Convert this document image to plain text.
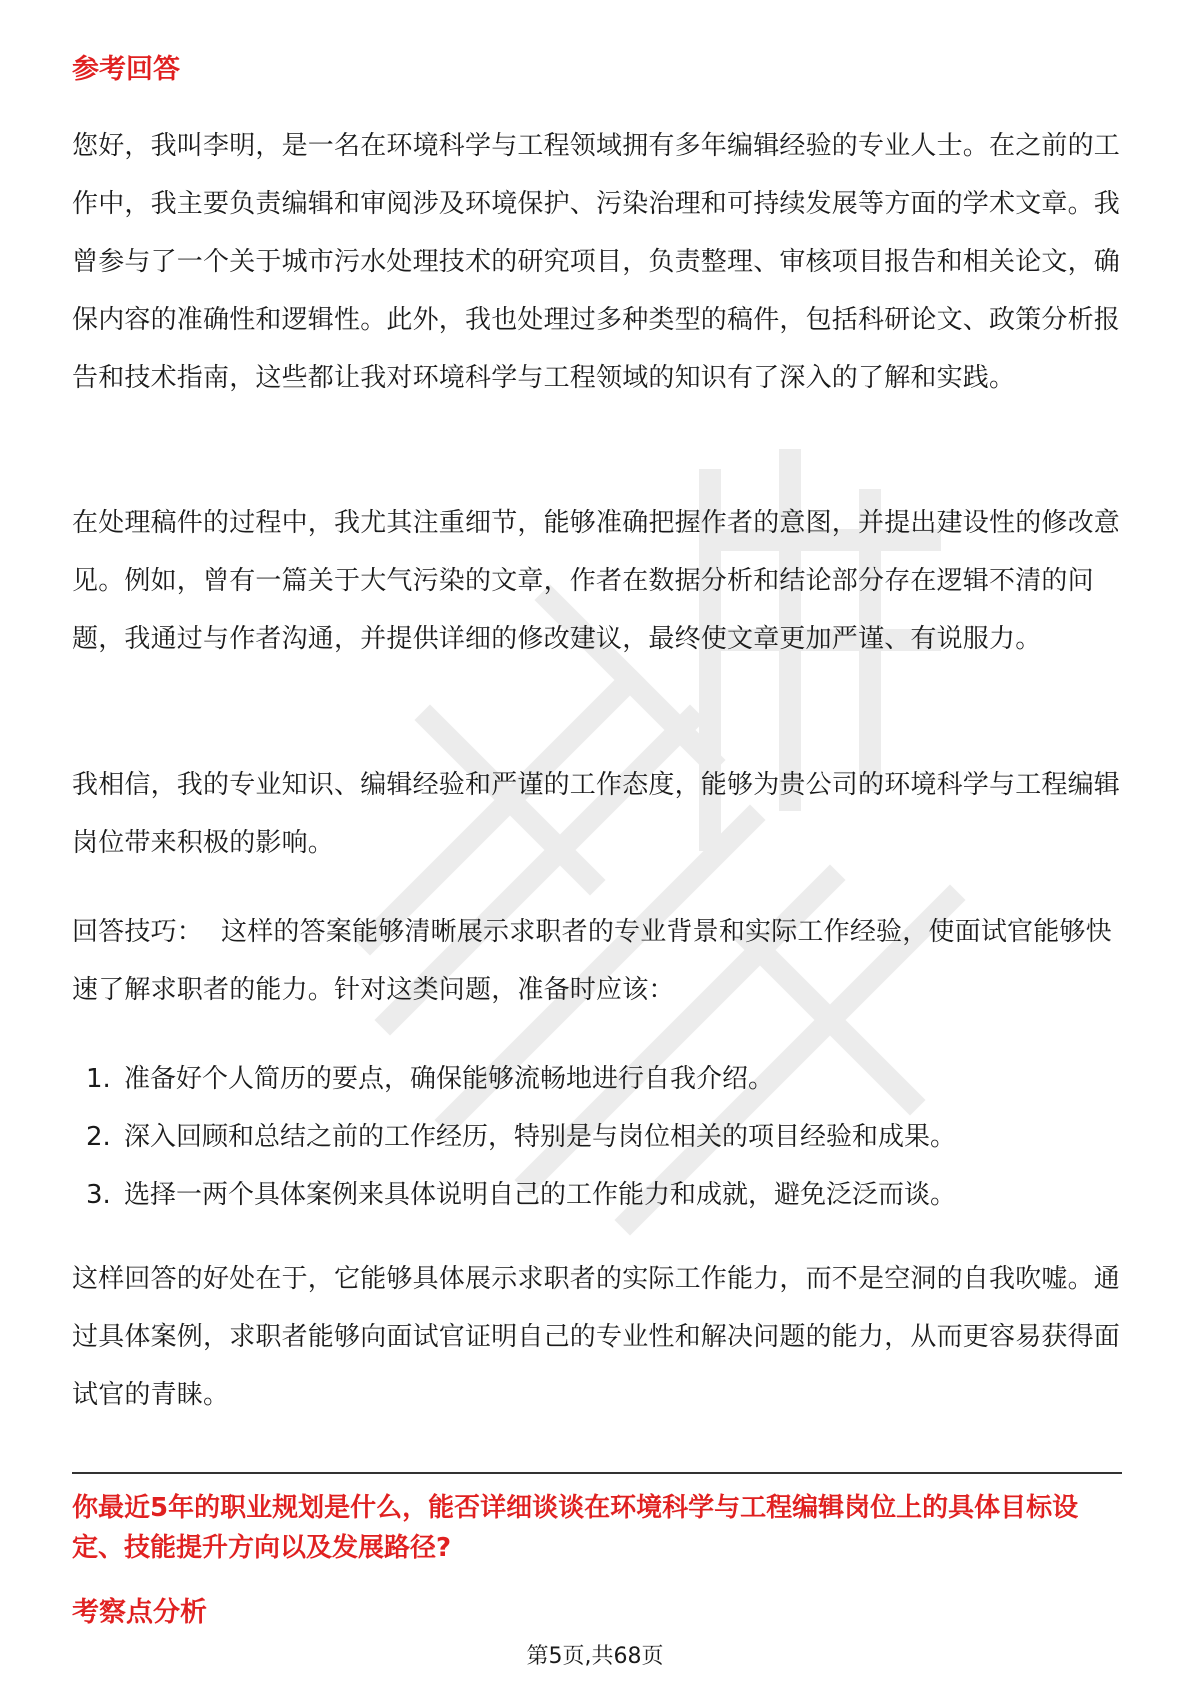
参考回答

您好，我叫李明，是一名在环境科学与工程领域拥有多年编辑经验的专业人士。在之前的工作中，我主要负责编辑和审阅涉及环境保护、污染治理和可持续发展等方面的学术文章。我曾参与了一个关于城市污水处理技术的研究项目，负责整理、审核项目报告和相关论文，确保内容的准确性和逻辑性。此外，我也处理过多种类型的稿件，包括科研论文、政策分析报告和技术指南，这些都让我对环境科学与工程领域的知识有了深入的了解和实践。

在处理稿件的过程中，我尤其注重细节，能够准确把握作者的意图，并提出建设性的修改意见。例如，曾有一篇关于大气污染的文章，作者在数据分析和结论部分存在逻辑不清的问题，我通过与作者沟通，并提供详细的修改建议，最终使文章更加严谨、有说服力。

我相信，我的专业知识、编辑经验和严谨的工作态度，能够为贵公司的环境科学与工程编辑岗位带来积极的影响。

回答技巧： 这样的答案能够清晰展示求职者的专业背景和实际工作经验，使面试官能够快速了解求职者的能力。针对这类问题，准备时应该：

1. 准备好个人简历的要点，确保能够流畅地进行自我介绍。
2. 深入回顾和总结之前的工作经历，特别是与岗位相关的项目经验和成果。
3. 选择一两个具体案例来具体说明自己的工作能力和成就，避免泛泛而谈。

这样回答的好处在于，它能够具体展示求职者的实际工作能力，而不是空洞的自我吹嘘。通过具体案例，求职者能够向面试官证明自己的专业性和解决问题的能力，从而更容易获得面试官的青睐。

你最近5年的职业规划是什么，能否详细谈谈在环境科学与工程编辑岗位上的具体目标设定、技能提升方向以及发展路径?
考察点分析
第5页,共68页
